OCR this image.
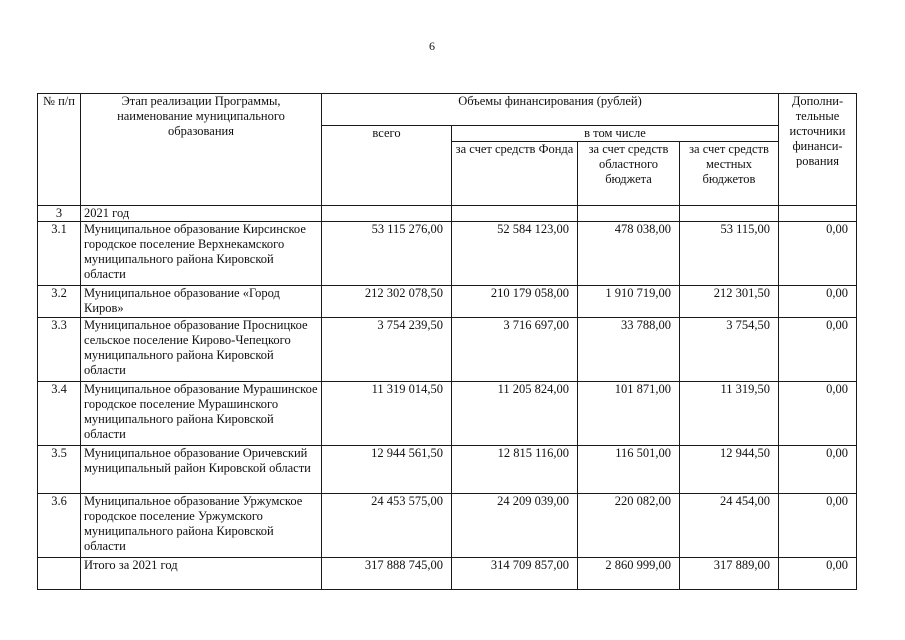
6
№ п/п	Этап реализации Программы, наименование муниципального образования	Объемы финансирования (рублей)				Дополни-тельные источники финанси-рования
		всего	в том числе			
			за счет средств Фонда	за счет средств областного бюджета	за счет средств местных бюджетов	
3	2021 год					
3.1	Муниципальное образование Кирсинское городское поселение Верхнекамского муниципального района Кировской области	53 115 276,00	52 584 123,00	478 038,00	53 115,00	0,00
3.2	Муниципальное образование «Город Киров»	212 302 078,50	210 179 058,00	1 910 719,00	212 301,50	0,00
3.3	Муниципальное образование Просницкое сельское поселение Кирово-Чепецкого муниципального района Кировской области	3 754 239,50	3 716 697,00	33 788,00	3 754,50	0,00
3.4	Муниципальное образование Мурашинское городское поселение Мурашинского муниципального района Кировской области	11 319 014,50	11 205 824,00	101 871,00	11 319,50	0,00
3.5	Муниципальное образование Оричевский муниципальный район Кировской области	12 944 561,50	12 815 116,00	116 501,00	12 944,50	0,00
3.6	Муниципальное образование Уржумское городское поселение Уржумского муниципального района Кировской области	24 453 575,00	24 209 039,00	220 082,00	24 454,00	0,00
	Итого за 2021 год	317 888 745,00	314 709 857,00	2 860 999,00	317 889,00	0,00
